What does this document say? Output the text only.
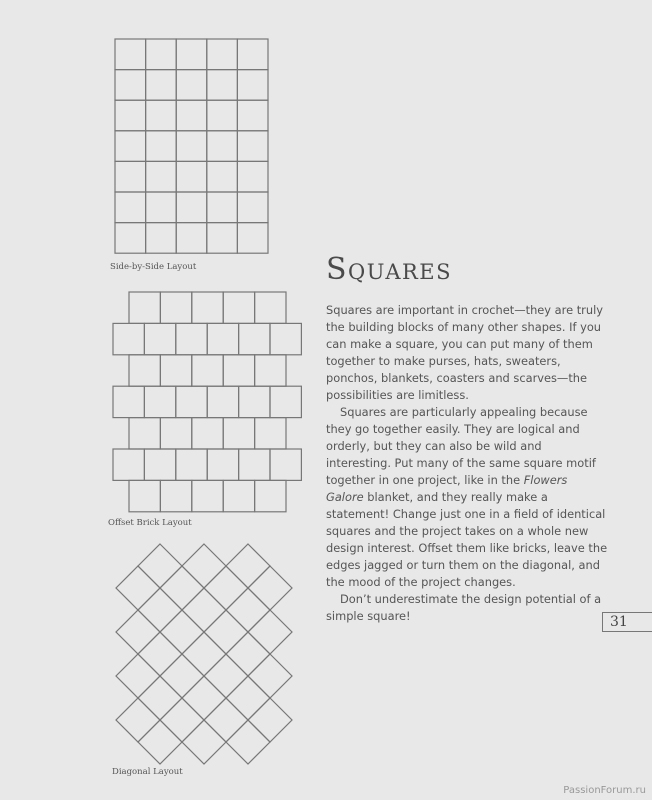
Side-by-Side Layout
Offset Brick Layout
Diagonal Layout
Squares

Squares are important in crochet—they are truly the building blocks of many other shapes. If you can make a square, you can put many of them together to make purses, hats, sweaters, ponchos, blankets, coasters and scarves—the possibilities are limitless.

Squares are particularly appealing because they go together easily. They are logical and orderly, but they can also be wild and interesting. Put many of the same square motif together in one project, like in the Flowers Galore blanket, and they really make a statement! Change just one in a field of identical squares and the project takes on a whole new design interest. Offset them like bricks, leave the edges jagged or turn them on the diagonal, and the mood of the project changes.

Don’t underestimate the design potential of a simple square!	31
PassionForum.ru
